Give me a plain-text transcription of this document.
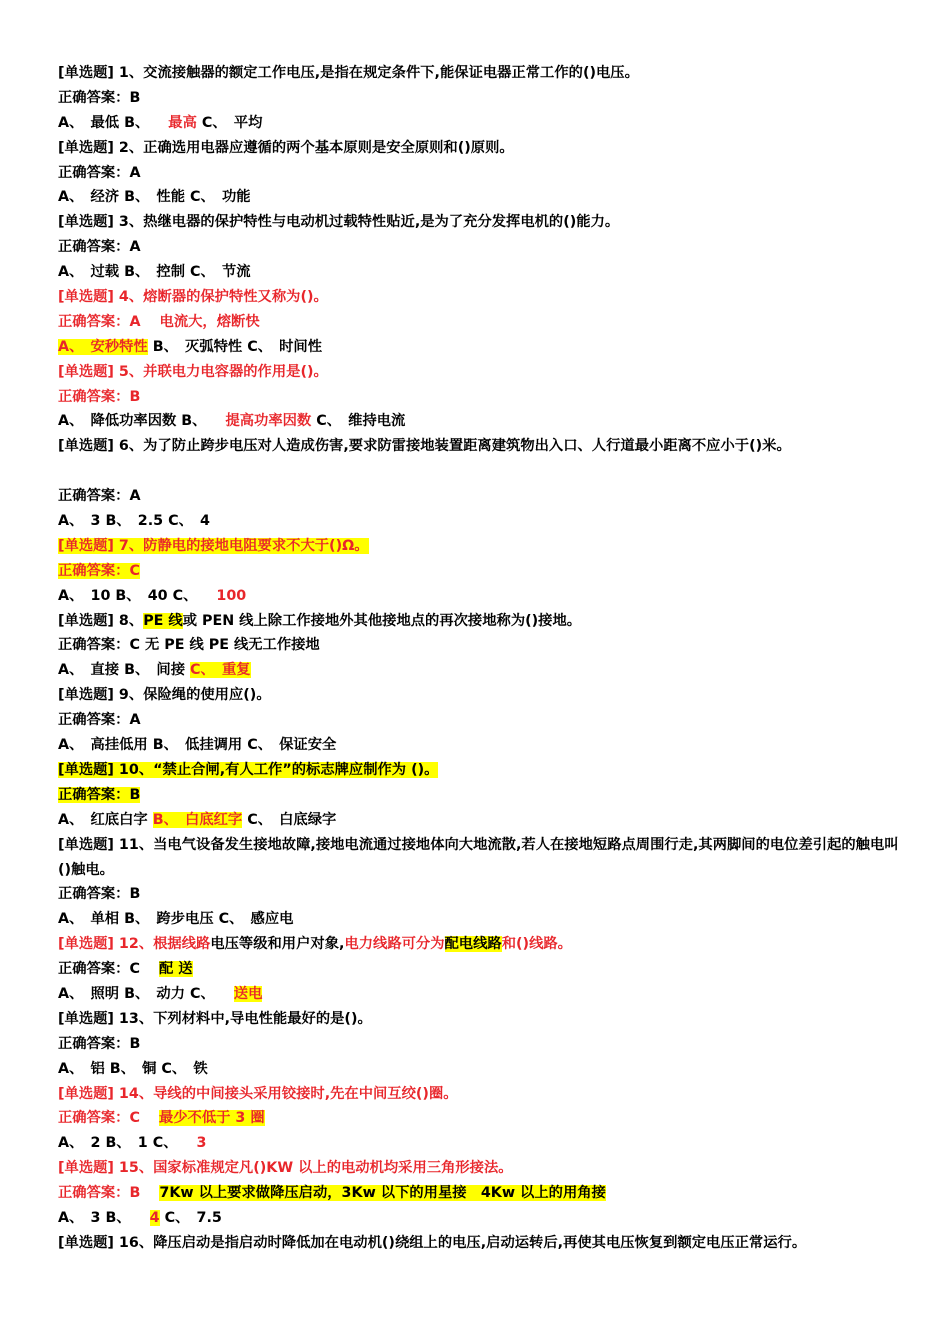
[单选题] 1、交流接触器的额定工作电压,是指在规定条件下,能保证电器正常工作的()电压。
正确答案：B
A、　最低 B、 最高 C、　平均
[单选题] 2、正确选用电器应遵循的两个基本原则是安全原则和()原则。
正确答案：A
A、　经济 B、　性能 C、　功能
[单选题] 3、热继电器的保护特性与电动机过载特性贴近,是为了充分发挥电机的()能力。
正确答案：A
A、　过载 B、　控制 C、　节流
[单选题] 4、熔断器的保护特性又称为()。
正确答案：A 电流大，熔断快
A、　安秒特性 B、　灭弧特性 C、　时间性
[单选题] 5、并联电力电容器的作用是()。
正确答案：B
A、　降低功率因数 B、 提高功率因数 C、　维持电流
[单选题] 6、为了防止跨步电压对人造成伤害,要求防雷接地装置距离建筑物出入口、人行道最小距离不应小于()米。
正确答案：A
A、　3 B、　2.5 C、　4
[单选题] 7、防静电的接地电阻要求不大于()Ω。
正确答案：C
A、　10 B、　40 C、 100
[单选题] 8、PE 线或 PEN 线上除工作接地外其他接地点的再次接地称为()接地。
正确答案：C 无 PE 线 PE 线无工作接地
A、　直接 B、　间接 C、　重复
[单选题] 9、保险绳的使用应()。
正确答案：A
A、　高挂低用 B、　低挂调用 C、　保证安全
[单选题] 10、“禁止合闸,有人工作”的标志牌应制作为 ()。
正确答案：B
A、　红底白字 B、　白底红字 C、　白底绿字
[单选题] 11、当电气设备发生接地故障,接地电流通过接地体向大地流散,若人在接地短路点周围行走,其两脚间的电位差引起的触电叫()触电。
正确答案：B
A、　单相 B、　跨步电压 C、　感应电
[单选题] 12、根据线路电压等级和用户对象,电力线路可分为配电线路和()线路。
正确答案：C 配 送
A、　照明 B、　动力 C、 送电
[单选题] 13、下列材料中,导电性能最好的是()。
正确答案：B
A、　铝 B、　铜 C、　铁
[单选题] 14、导线的中间接头采用铰接时,先在中间互绞()圈。
正确答案：C 最少不低于 3 圈
A、　2 B、　1 C、 3
[单选题] 15、国家标准规定凡()KW 以上的电动机均采用三角形接法。
正确答案：B 7Kw 以上要求做降压启动，3Kw 以下的用星接　4Kw 以上的用角接
A、　3 B、 4 C、　7.5
[单选题] 16、降压启动是指启动时降低加在电动机()绕组上的电压,启动运转后,再使其电压恢复到额定电压正常运行。
